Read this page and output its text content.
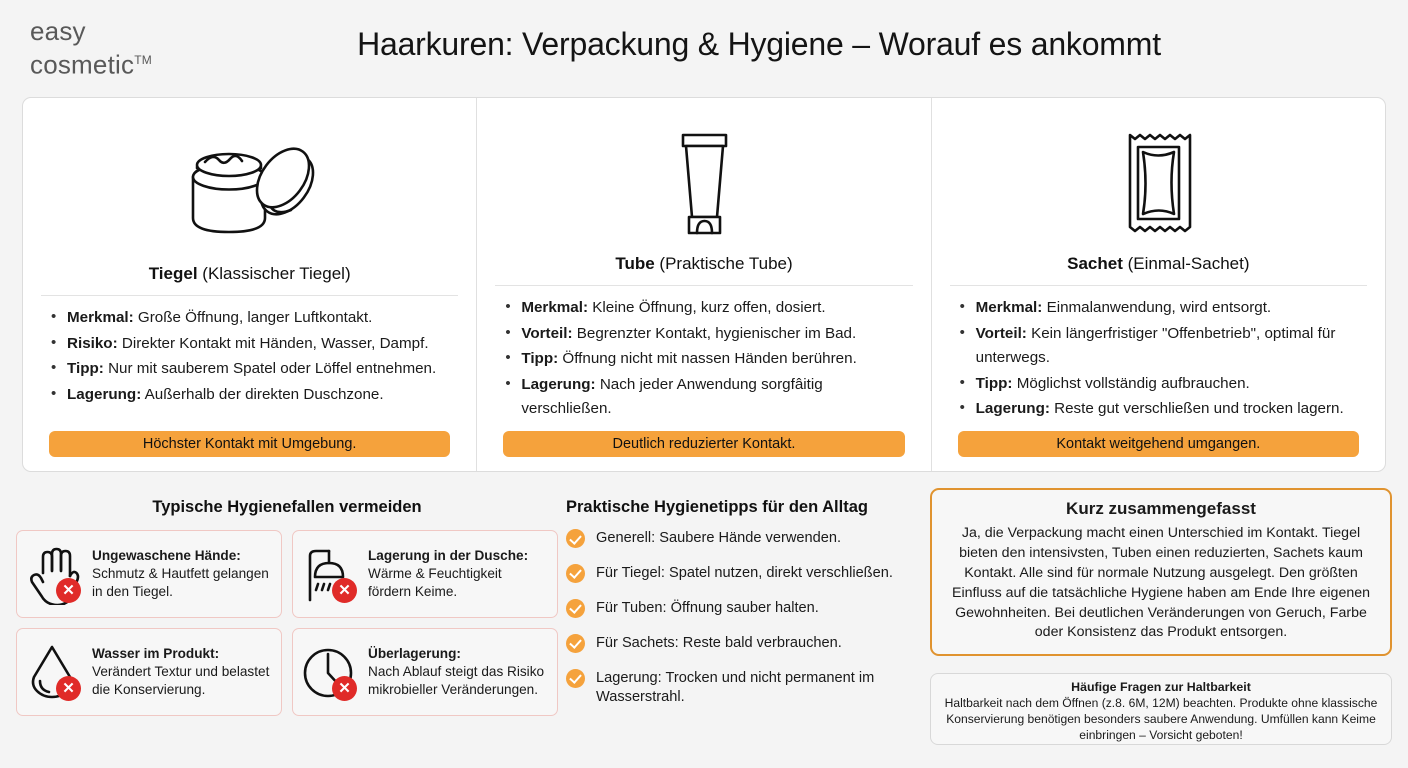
easy
cosmetic™	Haarkuren: Verpackung & Hygiene – Worauf es ankommt
Tiegel (Klassischer Tiegel)
• Merkmal: Große Öffnung, langer Luftkontakt.
• Risiko: Direkter Kontakt mit Händen, Wasser, Dampf.
• Tipp: Nur mit sauberem Spatel oder Löffel entnehmen.
• Lagerung: Außerhalb der direkten Duschzone.
Höchster Kontakt mit Umgebung.
Tube (Praktische Tube)
• Merkmal: Kleine Öffnung, kurz offen, dosiert.
• Vorteil: Begrenzter Kontakt, hygienischer im Bad.
• Tipp: Öffnung nicht mit nassen Händen berühren.
• Lagerung: Nach jeder Anwendung sorgfâitig verschließen.
Deutlich reduzierter Kontakt.
Sachet (Einmal-Sachet)
• Merkmal: Einmalanwendung, wird entsorgt.
• Vorteil: Kein längerfristiger "Offenbetrieb", optimal für unterwegs.
• Tipp: Möglichst vollständig aufbrauchen.
• Lagerung: Reste gut verschließen und trocken lagern.
Kontakt weitgehend umgangen.
Typische Hygienefallen vermeiden
✕
Ungewaschene Hände:
Schmutz & Hautfett gelangen in den Tiegel.	✕
Lagerung in der Dusche:
Wärme & Feuchtigkeit fördern Keime.
✕
Wasser im Produkt:
Verändert Textur und belastet die Konservierung.	✕
Überlagerung:
Nach Ablauf steigt das Risiko mikrobieller Veränderungen.
Praktische Hygienetipps für den Alltag
Generell: Saubere Hände verwenden.
Für Tiegel: Spatel nutzen, direkt verschließen.
Für Tuben: Öffnung sauber halten.
Für Sachets: Reste bald verbrauchen.
Lagerung: Trocken und nicht permanent im Wasserstrahl.
Kurz zusammengefasst

Ja, die Verpackung macht einen Unterschied im Kontakt. Tiegel bieten den intensivsten, Tuben einen reduzierten, Sachets kaum Kontakt. Alle sind für normale Nutzung ausgelegt. Den größten Einfluss auf die tatsächliche Hygiene haben am Ende Ihre eigenen Gewohnheiten. Bei deutlichen Veränderungen von Geruch, Farbe oder Konsistenz das Produkt entsorgen.

Häufige Fragen zur Haltbarkeit

Haltbarkeit nach dem Öffnen (z.8. 6M, 12M) beachten. Produkte ohne klassische Konservierung benötigen besonders saubere Anwendung. Umfüllen kann Keime einbringen – Vorsicht geboten!
